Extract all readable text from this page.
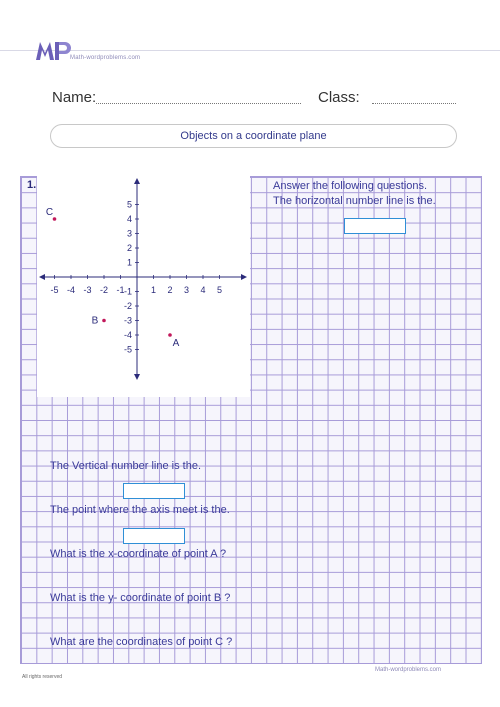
Math-wordproblems.com
Name:	Class:
Objects on a coordinate plane
1.
-5 -4 -3 -2 -1	1 2 3 4 5
5
4
3
2
1
-1
-2
-3
-4
-5
C
B
A
Answer the following questions.
The horizontal number line is the.
The Vertical number line is the.
The point where the axis meet is the.
What is the x-coordinate of point A ?
What is the y- coordinate of point B ?
What are the coordinates of point C ?
Math-wordproblems.com
All rights reserved
